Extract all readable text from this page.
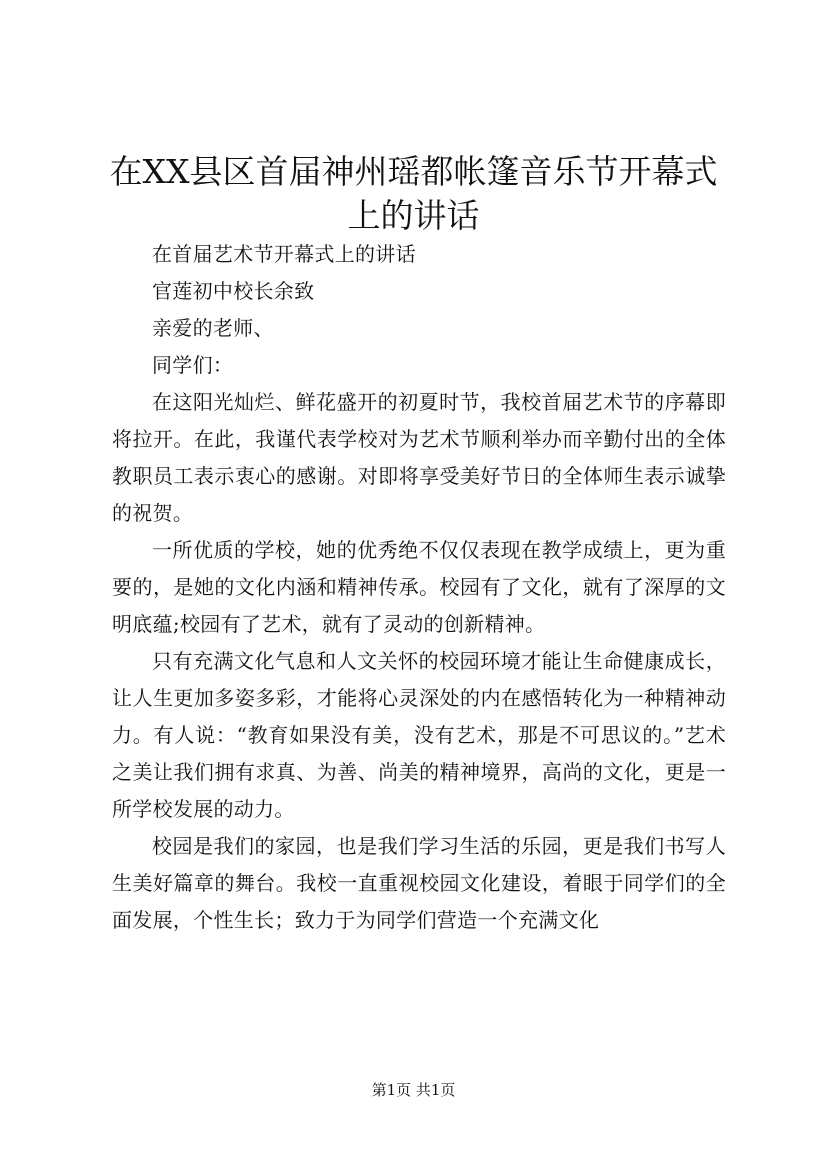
在XX县区首届神州瑶都帐篷音乐节开幕式上的讲话

在首届艺术节开幕式上的讲话

官莲初中校长余致

亲爱的老师、

同学们：

在这阳光灿烂、鲜花盛开的初夏时节，我校首届艺术节的序幕即将拉开。在此，我谨代表学校对为艺术节顺利举办而辛勤付出的全体教职员工表示衷心的感谢。对即将享受美好节日的全体师生表示诚挚的祝贺。

一所优质的学校，她的优秀绝不仅仅表现在教学成绩上，更为重要的，是她的文化内涵和精神传承。校园有了文化，就有了深厚的文明底蕴;校园有了艺术，就有了灵动的创新精神。

只有充满文化气息和人文关怀的校园环境才能让生命健康成长，让人生更加多姿多彩，才能将心灵深处的内在感悟转化为一种精神动力。有人说：“教育如果没有美，没有艺术，那是不可思议的。”艺术之美让我们拥有求真、为善、尚美的精神境界，高尚的文化，更是一所学校发展的动力。

校园是我们的家园，也是我们学习生活的乐园，更是我们书写人生美好篇章的舞台。我校一直重视校园文化建设，着眼于同学们的全面发展，个性生长；致力于为同学们营造一个充满文化

第1页 共1页
